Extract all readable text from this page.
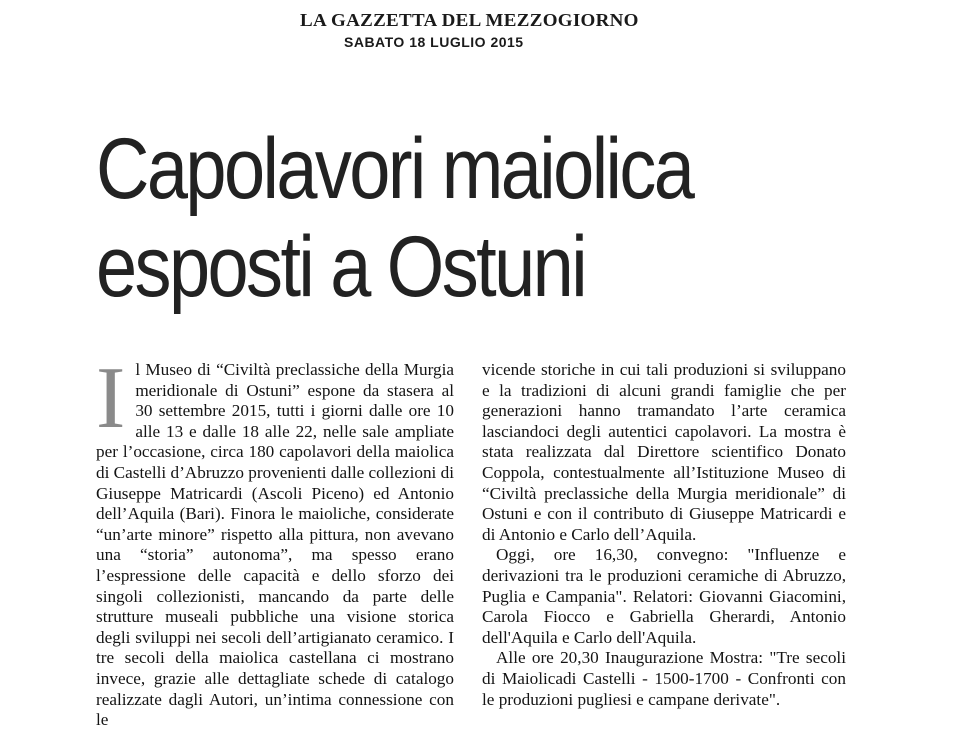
LA GAZZETTA DEL MEZZOGIORNO
SABATO 18 LUGLIO 2015
Capolavori maiolica
esposti a Ostuni
I l Museo di “Civiltà preclassiche della Murgia meridionale di Ostuni” espone da stasera al 30 settembre 2015, tutti i giorni dalle ore 10 alle 13 e dalle 18 alle 22, nelle sale ampliate per l’occasione, circa 180 capolavori della maiolica di Castelli d’Abruzzo provenienti dalle collezioni di Giuseppe Matricardi (Ascoli Piceno) ed Antonio dell’Aquila (Bari). Finora le maioliche, considerate “un’arte minore” rispetto alla pittura, non avevano una “storia” autonoma”, ma spesso erano l’espressione delle capacità e dello sforzo dei singoli collezionisti, mancando da parte delle strutture museali pubbliche una visione storica degli sviluppi nei secoli dell’artigianato ceramico. I tre secoli della maiolica castellana ci mostrano invece, grazie alle dettagliate schede di catalogo realizzate dagli Autori, un’intima connessione con le

vicende storiche in cui tali produzioni si sviluppano e la tradizioni di alcuni grandi famiglie che per generazioni hanno tramandato l’arte ceramica lasciandoci degli autentici capolavori. La mostra è stata realizzata dal Direttore scientifico Donato Coppola, contestualmente all’Istituzione Museo di “Civiltà preclassiche della Murgia meridionale” di Ostuni e con il contributo di Giuseppe Matricardi e di Antonio e Carlo dell’Aquila.

Oggi, ore 16,30, convegno: "Influenze e derivazioni tra le produzioni ceramiche di Abruzzo, Puglia e Campania". Relatori: Giovanni Giacomini, Carola Fiocco e Gabriella Gherardi, Antonio dell'Aquila e Carlo dell'Aquila.

Alle ore 20,30 Inaugurazione Mostra: "Tre secoli di Maiolicadi Castelli - 1500-1700 - Confronti con le produzioni pugliesi e campane derivate".
